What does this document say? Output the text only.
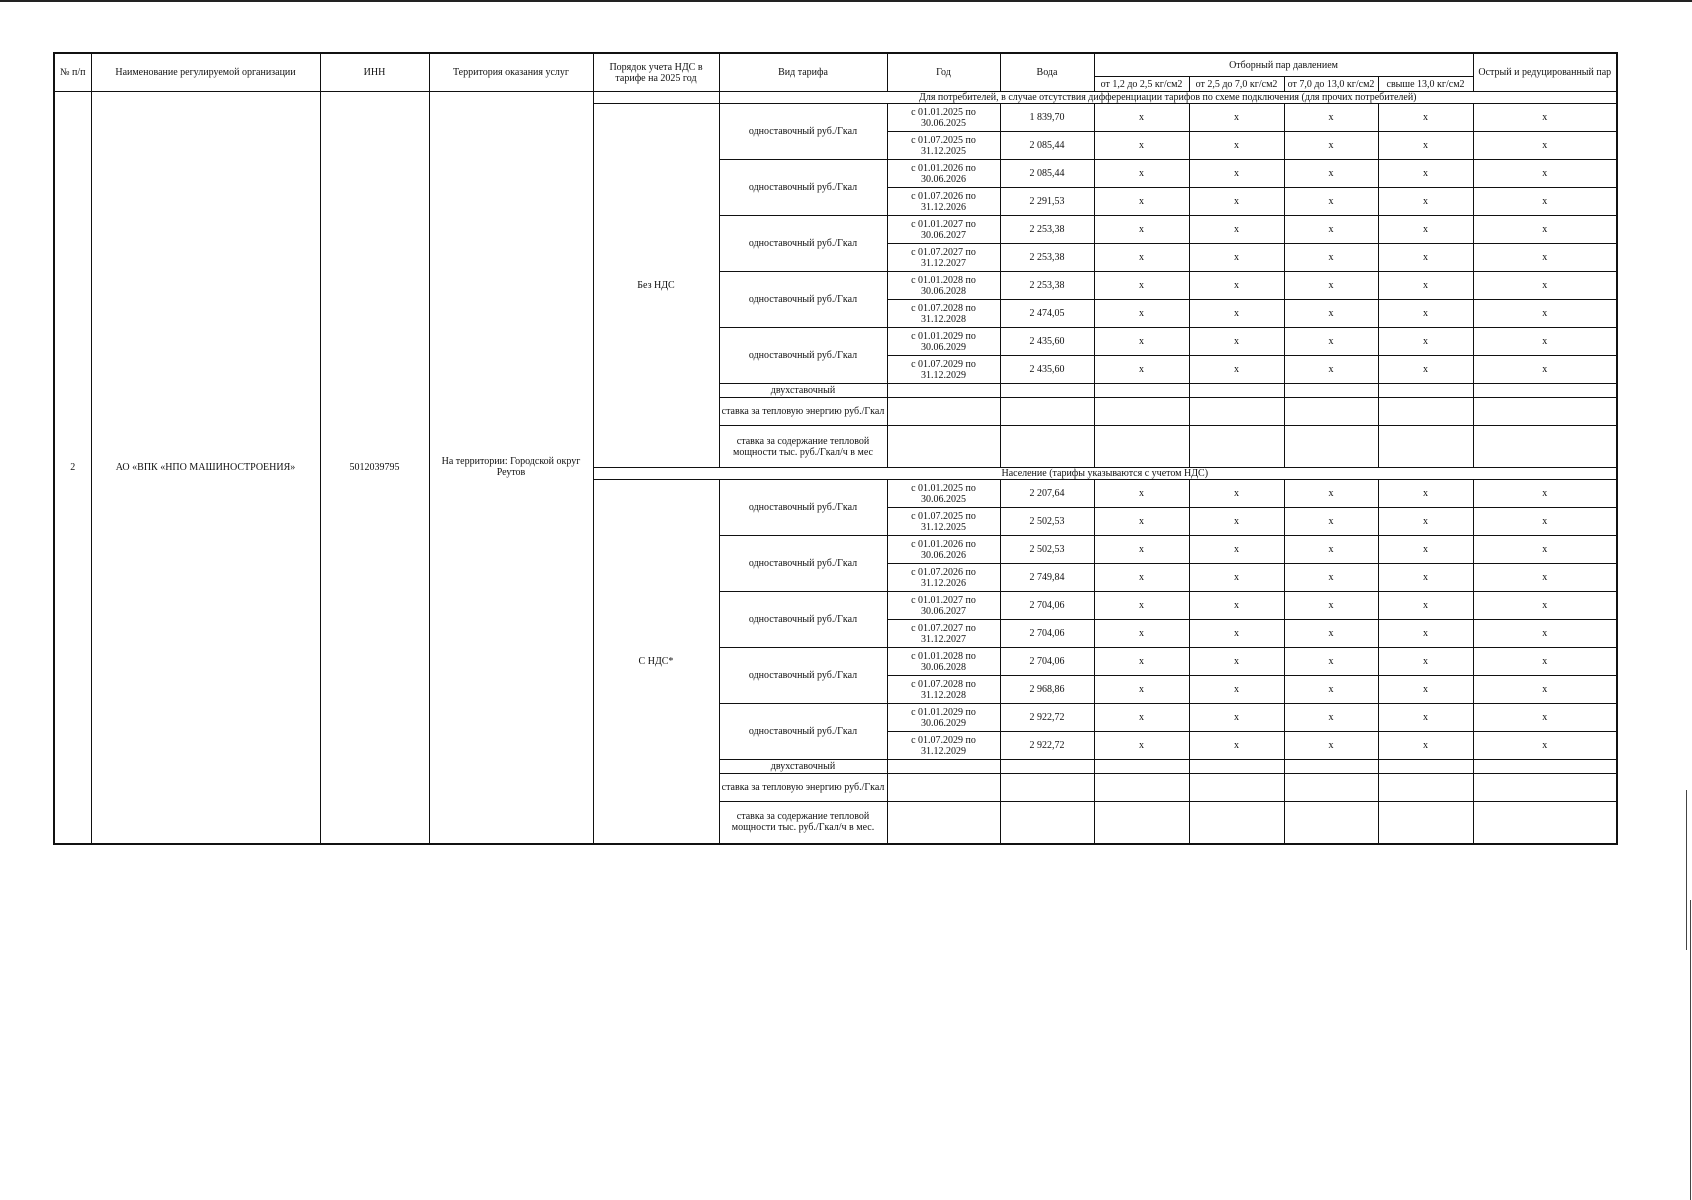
№ п/п	Наименование регулируемой организации	ИНН	Территория оказания услуг	Порядок учета НДС в тарифе на 2025 год	Вид тарифа	Год	Вода	Отборный пар давлением				Острый и редуцированный пар
								от 1,2 до 2,5 кг/см2	от 2,5 до 7,0 кг/см2	от 7,0 до 13,0 кг/см2	свыше 13,0 кг/см2	
2	АО «ВПК «НПО МАШИНОСТРОЕНИЯ»	5012039795	На территории: Городской округ Реутов		Для потребителей, в случае отсутствия дифференциации тарифов по схеме подключения (для прочих потребителей)							
				Без НДС	одноставочный руб./Гкал	с 01.01.2025 по 30.06.2025	1 839,70	x	x	x	x	x
						с 01.07.2025 по 31.12.2025	2 085,44	x	x	x	x	x
					одноставочный руб./Гкал	с 01.01.2026 по 30.06.2026	2 085,44	x	x	x	x	x
						с 01.07.2026 по 31.12.2026	2 291,53	x	x	x	x	x
					одноставочный руб./Гкал	с 01.01.2027 по 30.06.2027	2 253,38	x	x	x	x	x
						с 01.07.2027 по 31.12.2027	2 253,38	x	x	x	x	x
					одноставочный руб./Гкал	с 01.01.2028 по 30.06.2028	2 253,38	x	x	x	x	x
						с 01.07.2028 по 31.12.2028	2 474,05	x	x	x	x	x
					одноставочный руб./Гкал	с 01.01.2029 по 30.06.2029	2 435,60	x	x	x	x	x
						с 01.07.2029 по 31.12.2029	2 435,60	x	x	x	x	x
					двухставочный							
					ставка за тепловую энергию руб./Гкал							
					ставка за содержание тепловой мощности тыс. руб./Гкал/ч в мес							
				Население (тарифы указываются с учетом НДС)								
				С НДС*	одноставочный руб./Гкал	с 01.01.2025 по 30.06.2025	2 207,64	x	x	x	x	x
						с 01.07.2025 по 31.12.2025	2 502,53	x	x	x	x	x
					одноставочный руб./Гкал	с 01.01.2026 по 30.06.2026	2 502,53	x	x	x	x	x
						с 01.07.2026 по 31.12.2026	2 749,84	x	x	x	x	x
					одноставочный руб./Гкал	с 01.01.2027 по 30.06.2027	2 704,06	x	x	x	x	x
						с 01.07.2027 по 31.12.2027	2 704,06	x	x	x	x	x
					одноставочный руб./Гкал	с 01.01.2028 по 30.06.2028	2 704,06	x	x	x	x	x
						с 01.07.2028 по 31.12.2028	2 968,86	x	x	x	x	x
					одноставочный руб./Гкал	с 01.01.2029 по 30.06.2029	2 922,72	x	x	x	x	x
						с 01.07.2029 по 31.12.2029	2 922,72	x	x	x	x	x
					двухставочный							
					ставка за тепловую энергию руб./Гкал							
					ставка за содержание тепловой мощности тыс. руб./Гкал/ч в мес.							
